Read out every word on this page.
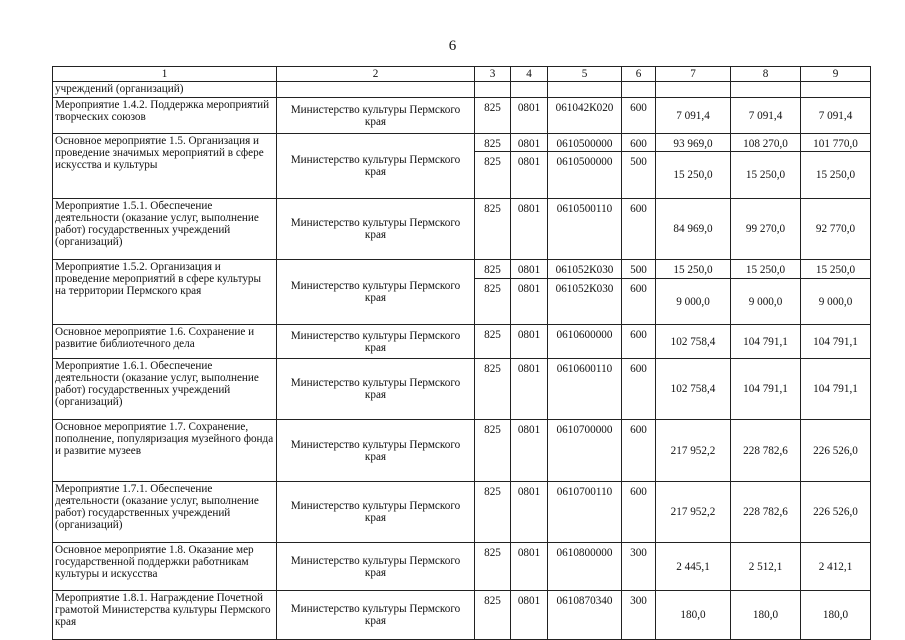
6
1	2	3	4	5	6	7	8	9
учреждений (организаций)								
Мероприятие 1.4.2. Поддержка мероприятий творческих союзов	Министерство культуры Пермского края	825	0801	061042К020	600	7 091,4	7 091,4	7 091,4
Основное мероприятие 1.5. Организация и проведение значимых мероприятий в сфере искусства и культуры	Министерство культуры Пермского края	825	0801	0610500000	600	93 969,0	108 270,0	101 770,0
		825	0801	0610500000	500	15 250,0	15 250,0	15 250,0
Мероприятие 1.5.1. Обеспечение деятельности (оказание услуг, выполнение работ) государственных учреждений (организаций)	Министерство культуры Пермского края	825	0801	0610500110	600	84 969,0	99 270,0	92 770,0
Мероприятие 1.5.2. Организация и проведение мероприятий в сфере культуры на территории Пермского края	Министерство культуры Пермского края	825	0801	061052К030	500	15 250,0	15 250,0	15 250,0
		825	0801	061052К030	600	9 000,0	9 000,0	9 000,0
Основное мероприятие 1.6. Сохранение и развитие библиотечного дела	Министерство культуры Пермского края	825	0801	0610600000	600	102 758,4	104 791,1	104 791,1
Мероприятие 1.6.1. Обеспечение деятельности (оказание услуг, выполнение работ) государственных учреждений (организаций)	Министерство культуры Пермского края	825	0801	0610600110	600	102 758,4	104 791,1	104 791,1
Основное мероприятие 1.7. Сохранение, пополнение, популяризация музейного фонда и развитие музеев	Министерство культуры Пермского края	825	0801	0610700000	600	217 952,2	228 782,6	226 526,0
Мероприятие 1.7.1. Обеспечение деятельности (оказание услуг, выполнение работ) государственных учреждений (организаций)	Министерство культуры Пермского края	825	0801	0610700110	600	217 952,2	228 782,6	226 526,0
Основное мероприятие 1.8. Оказание мер государственной поддержки работникам культуры и искусства	Министерство культуры Пермского края	825	0801	0610800000	300	2 445,1	2 512,1	2 412,1
Мероприятие 1.8.1. Награждение Почетной грамотой Министерства культуры Пермского края	Министерство культуры Пермского края	825	0801	0610870340	300	180,0	180,0	180,0
